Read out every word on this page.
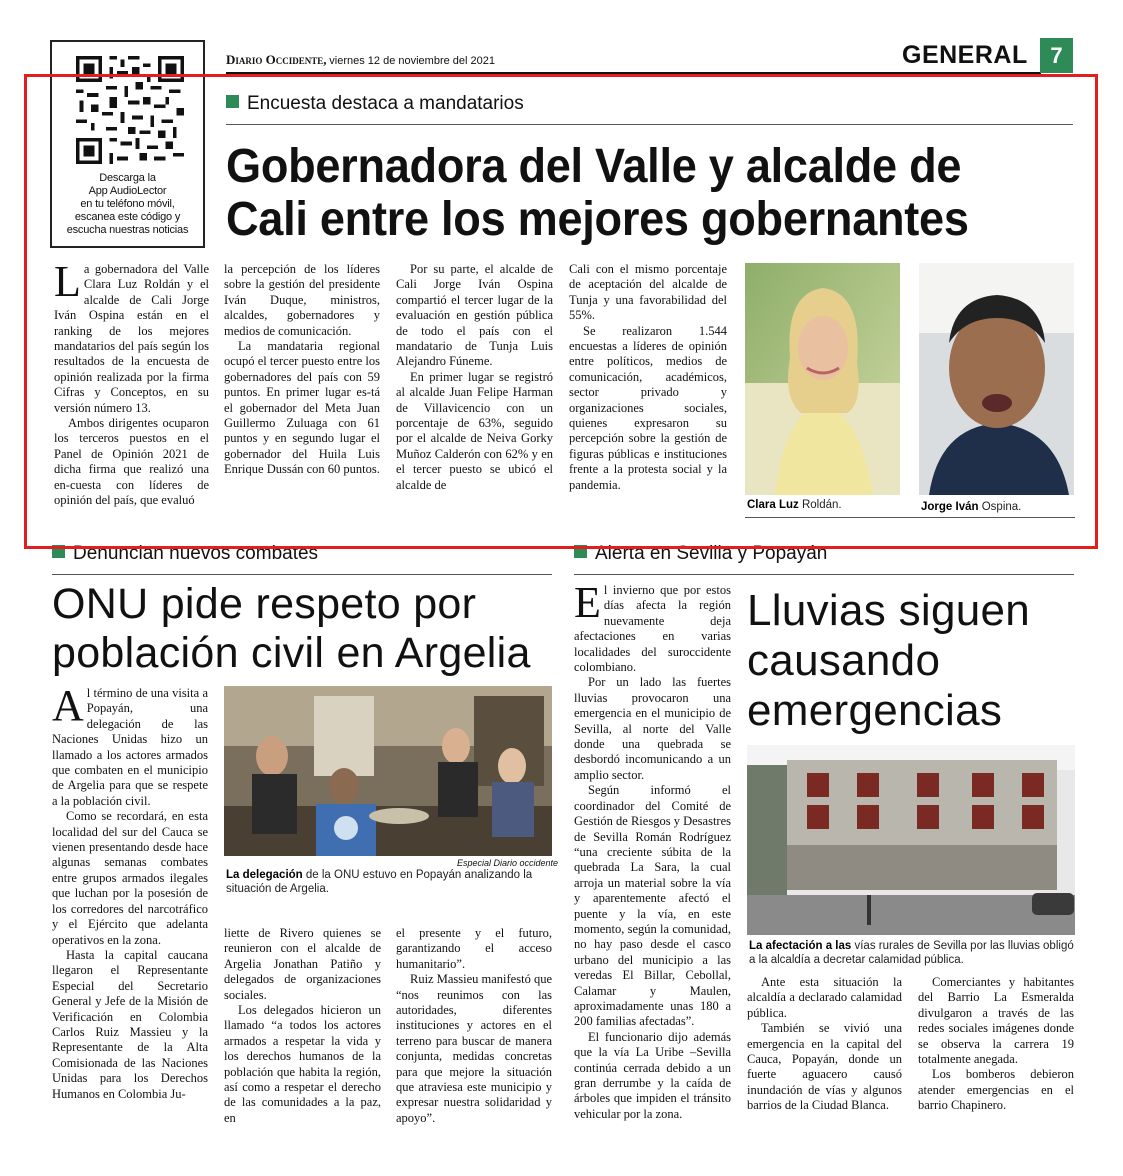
Descarga la
App AudioLector
en tu teléfono móvil,
escanea este código y
escucha nuestras noticias
Diario Occidente, viernes 12 de noviembre del 2021	GENERAL	7
Encuesta destaca a mandatarios
Gobernadora del Valle y alcalde de
Cali entre los mejores gobernantes

La gobernadora del Valle Clara Luz Roldán y el alcalde de Cali Jorge Iván Ospina están en el ranking de los mejores mandatarios del país según los resultados de la encuesta de opinión realizada por la firma Cifras y Conceptos, en su versión número 13.

Ambos dirigentes ocuparon los terceros puestos en el Panel de Opinión 2021 de dicha firma que realizó una en-cuesta con líderes de opinión del país, que evaluó

la percepción de los líderes sobre la gestión del presidente Iván Duque, ministros, alcaldes, gobernadores y medios de comunicación.

La mandataria regional ocupó el tercer puesto entre los gobernadores del país con 59 puntos. En primer lugar es-tá el gobernador del Meta Juan Guillermo Zuluaga con 61 puntos y en segundo lugar el gobernador del Huila Luis Enrique Dussán con 60 puntos.

Por su parte, el alcalde de Cali Jorge Iván Ospina compartió el tercer lugar de la evaluación en gestión pública de todo el país con el mandatario de Tunja Luis Alejandro Fúneme.

En primer lugar se registró al alcalde Juan Felipe Harman de Villavicencio con un porcentaje de 63%, seguido por el alcalde de Neiva Gorky Muñoz Calderón con 62% y en el tercer puesto se ubicó el alcalde de

Cali con el mismo porcentaje de aceptación del alcalde de Tunja y una favorabilidad del 55%.

Se realizaron 1.544 encuestas a líderes de opinión entre políticos, medios de comunicación, académicos, sector privado y organizaciones sociales, quienes expresaron su percepción sobre la gestión de figuras públicas e instituciones frente a la protesta social y la pandemia.

Clara Luz Roldán.	Jorge Iván Ospina.
Denuncian nuevos combates
ONU pide respeto por
población civil en Argelia

Al término de una visita a Popayán, una delegación de las Naciones Unidas hizo un llamado a los actores armados que combaten en el municipio de Argelia para que se respete a la población civil.

Como se recordará, en esta localidad del sur del Cauca se vienen presentando desde hace algunas semanas combates entre grupos armados ilegales que luchan por la posesión de los corredores del narcotráfico y el Ejército que adelanta operativos en la zona.

Hasta la capital caucana llegaron el Representante Especial del Secretario General y Jefe de la Misión de Verificación en Colombia Carlos Ruiz Massieu y la Representante de la Alta Comisionada de las Naciones Unidas para los Derechos Humanos en Colombia Ju-

Especial Diario occidente
La delegación de la ONU estuvo en Popayán analizando la situación de Argelia.

liette de Rivero quienes se reunieron con el alcalde de Argelia Jonathan Patiño y delegados de organizaciones sociales.

Los delegados hicieron un llamado “a todos los actores armados a respetar la vida y los derechos humanos de la población que habita la región, así como a respetar el derecho de las comunidades a la paz, en

el presente y el futuro, garantizando el acceso humanitario”.

Ruiz Massieu manifestó que “nos reunimos con las autoridades, diferentes instituciones y actores en el terreno para buscar de manera conjunta, medidas concretas para que mejore la situación que atraviesa este municipio y expresar nuestra solidaridad y apoyo”.

Alerta en Sevilla y Popayán

El invierno que por estos días afecta la región nuevamente deja afectaciones en varias localidades del suroccidente colombiano.

Por un lado las fuertes lluvias provocaron una emergencia en el municipio de Sevilla, al norte del Valle donde una quebrada se desbordó incomunicando a un amplio sector.

Según informó el coordinador del Comité de Gestión de Riesgos y Desastres de Sevilla Román Rodríguez “una creciente súbita de la quebrada La Sara, la cual arroja un material sobre la vía y aparentemente afectó el puente y la vía, en este momento, según la comunidad, no hay paso desde el casco urbano del municipio a las veredas El Billar, Cebollal, Calamar y Maulen, aproximadamente unas 180 a 200 familias afectadas”.

El funcionario dijo además que la vía La Uribe –Sevilla continúa cerrada debido a un gran derrumbe y la caída de árboles que impiden el tránsito vehicular por la zona.

Lluvias siguen
causando
emergencias
La afectación a las vías rurales de Sevilla por las lluvias obligó a la alcaldía a decretar calamidad pública.

Ante esta situación la alcaldía a declarado calamidad pública.

También se vivió una emergencia en la capital del Cauca, Popayán, donde un fuerte aguacero causó inundación de vías y algunos barrios de la Ciudad Blanca.

Comerciantes y habitantes del Barrio La Esmeralda divulgaron a través de las redes sociales imágenes donde se observa la carrera 19 totalmente anegada.

Los bomberos debieron atender emergencias en el barrio Chapinero.
